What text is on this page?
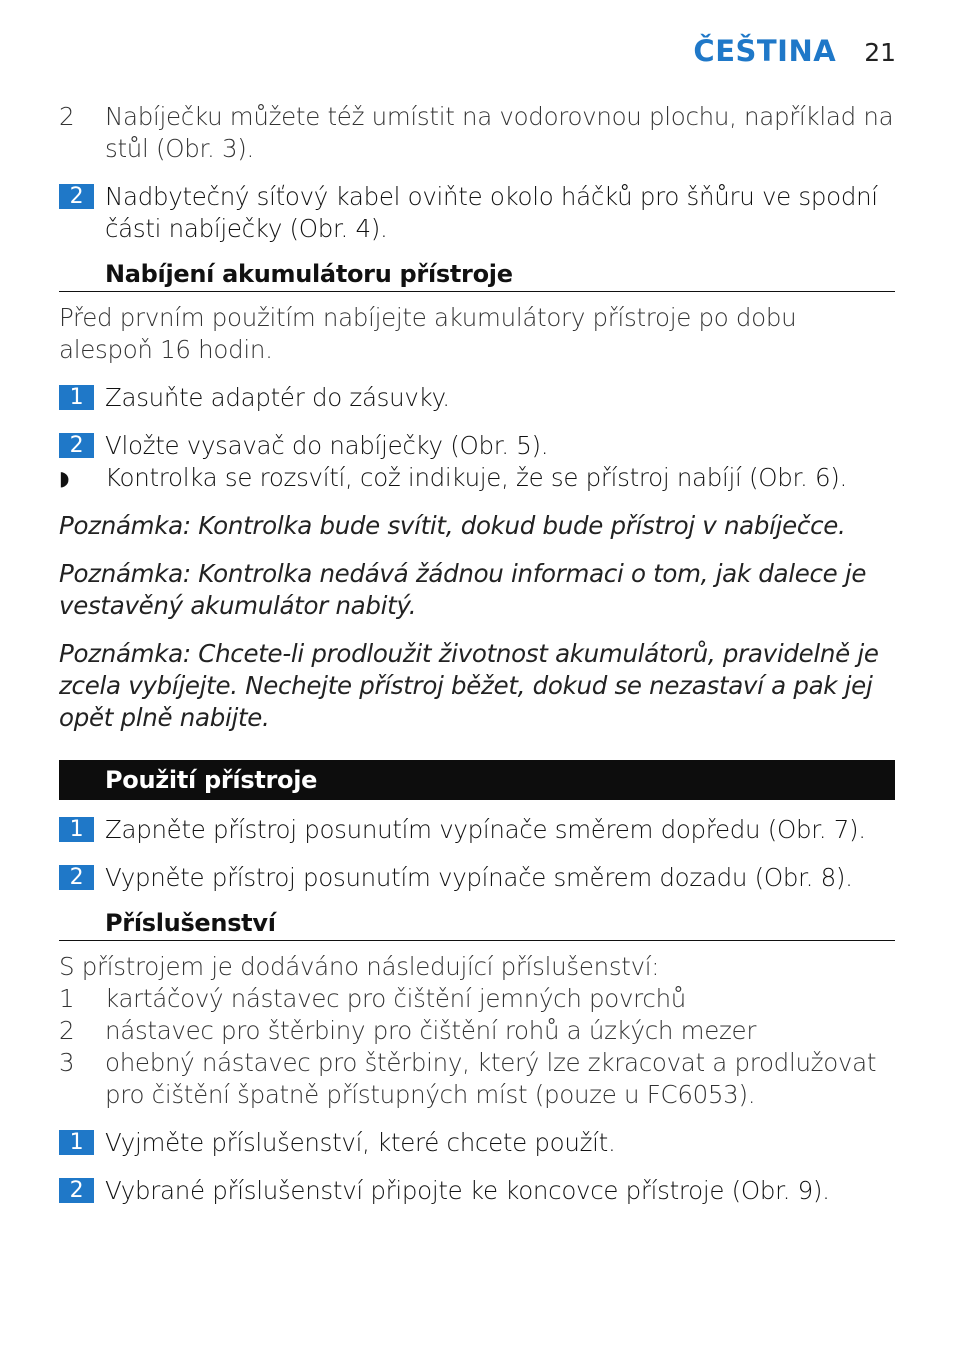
ČEŠTINA 21
2	Nabíječku můžete též umístit na vodorovnou plochu, například na stůl (Obr. 3).
2 Nadbytečný síťový kabel oviňte okolo háčků pro šňůru ve spodní části nabíječky (Obr. 4).
Nabíjení akumulátoru přístroje
Před prvním použitím nabíjejte akumulátory přístroje po dobu alespoň 16 hodin.
1 Zasuňte adaptér do zásuvky.
2 Vložte vysavač do nabíječky (Obr. 5).
◗	Kontrolka se rozsvítí, což indikuje, že se přístroj nabíjí (Obr. 6).
Poznámka: Kontrolka bude svítit, dokud bude přístroj v nabíječce.
Poznámka: Kontrolka nedává žádnou informaci o tom, jak dalece je vestavěný akumulátor nabitý.
Poznámka: Chcete-li prodloužit životnost akumulátorů, pravidelně je zcela vybíjejte. Nechejte přístroj běžet, dokud se nezastaví a pak jej opět plně nabijte.
Použití přístroje
1 Zapněte přístroj posunutím vypínače směrem dopředu (Obr. 7).
2 Vypněte přístroj posunutím vypínače směrem dozadu (Obr. 8).
Příslušenství
S přístrojem je dodáváno následující příslušenství:
1	kartáčový nástavec pro čištění jemných povrchů
2	nástavec pro štěrbiny pro čištění rohů a úzkých mezer
3	ohebný nástavec pro štěrbiny, který lze zkracovat a prodlužovat pro čištění špatně přístupných míst (pouze u FC6053).
1 Vyjměte příslušenství, které chcete použít.
2 Vybrané příslušenství připojte ke koncovce přístroje (Obr. 9).
